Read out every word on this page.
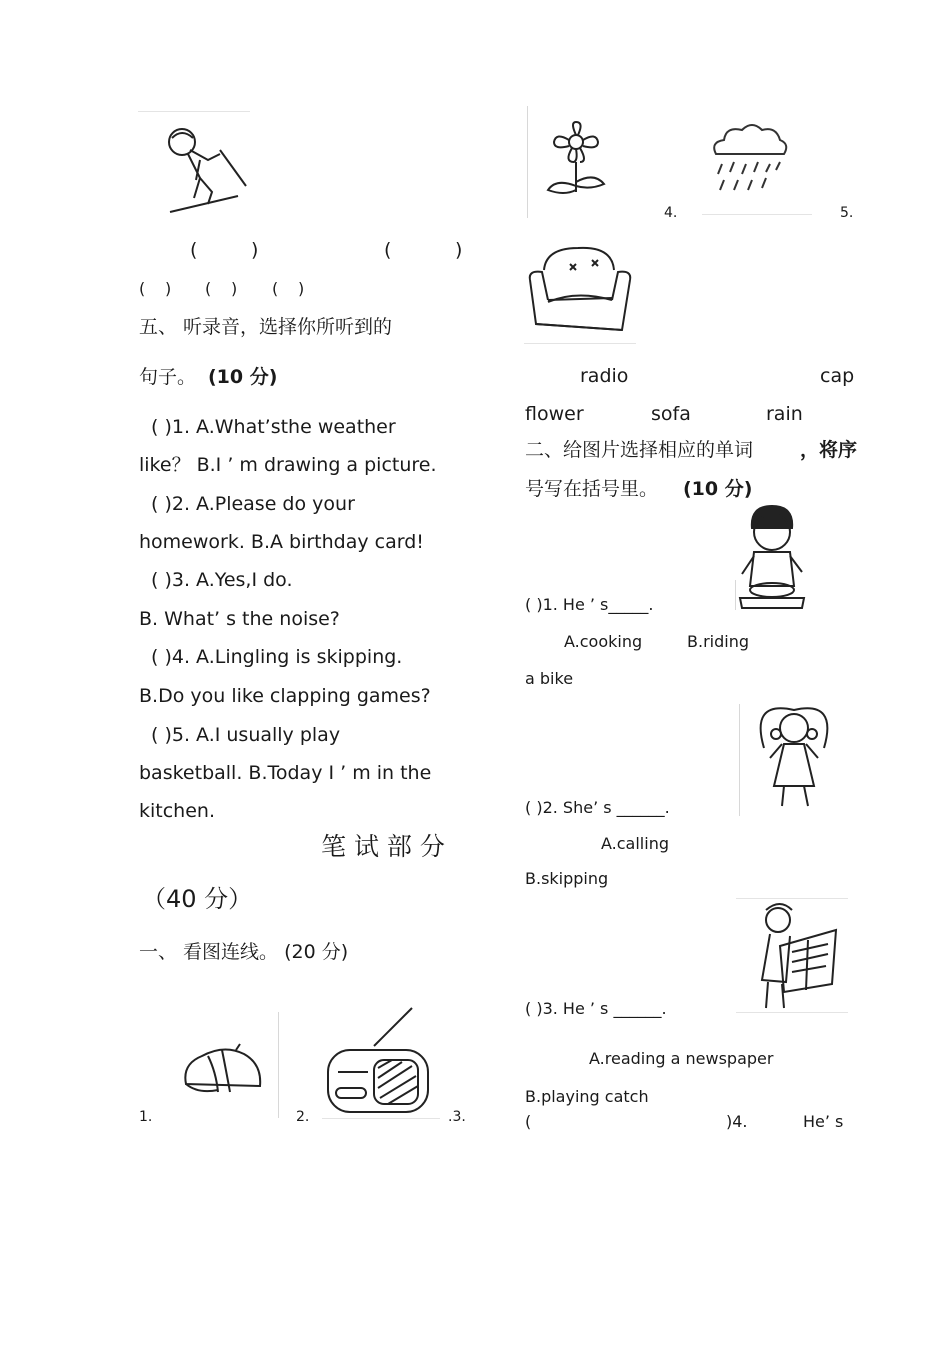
(	)	(	)
( ) ( ) ( )
五、 听录音，选择你所听到的
句子。 (10 分)
( )1. A.What’sthe weather
like？ B.I ’ m drawing a picture.
( )2. A.Please do your
homework. B.A birthday card!
( )3. A.Yes,I do.
B. What’ s the noise?
( )4. A.Lingling is skipping.
B.Do you like clapping games?
( )5. A.I usually play
basketball. B.Today I ’ m in the
kitchen.
笔 试 部 分
（40 分）
一、 看图连线。 (20 分)
1.	2.	.3.
4.	5.
radio	cap
flower	sofa	rain
二、给图片选择相应的单词 ，将序
号写在括号里。 (10 分)
( )1. He ’ s_____.
A.cooking	B.riding
a bike
( )2. She’ s ______.
A.calling
B.skipping
( )3. He ’ s ______.
A.reading a newspaper
B.playing catch
(	)4.	He’ s
